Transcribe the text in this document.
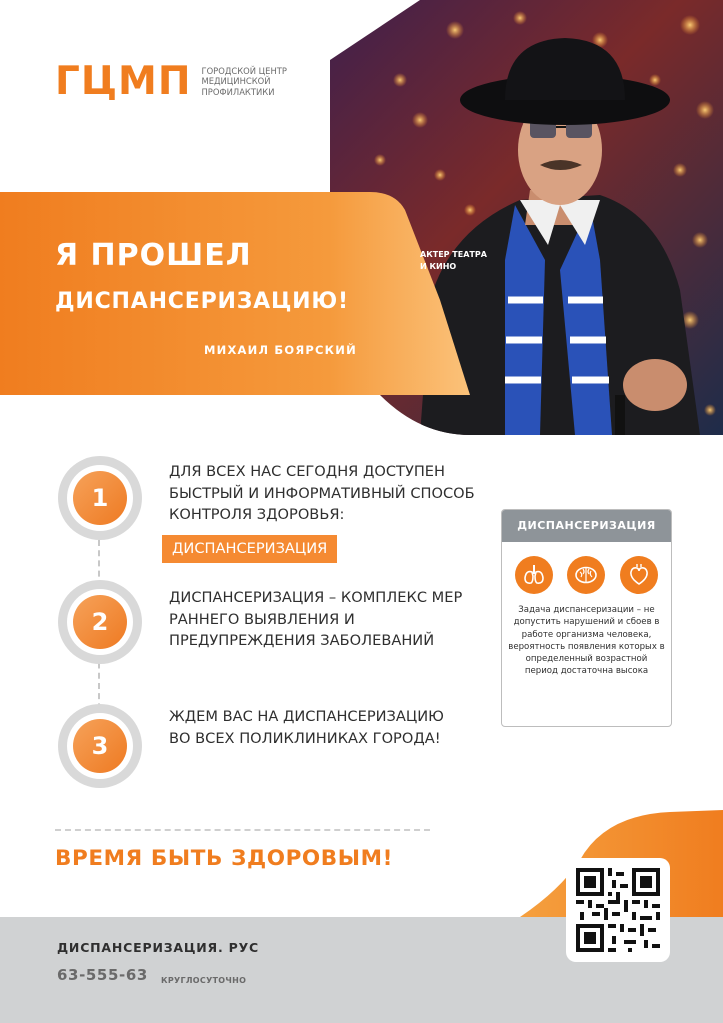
ГЦМП ГОРОДСКОЙ ЦЕНТР МЕДИЦИНСКОЙ ПРОФИЛАКТИКИ
Я ПРОШЕЛ
ДИСПАНСЕРИЗАЦИЮ!
МИХАИЛ БОЯРСКИЙ
АКТЕР ТЕАТРА И КИНО
1
ДЛЯ ВСЕХ НАС СЕГОДНЯ ДОСТУПЕН БЫСТРЫЙ И ИНФОРМАТИВНЫЙ СПОСОБ КОНТРОЛЯ ЗДОРОВЬЯ:
ДИСПАНСЕРИЗАЦИЯ
2
ДИСПАНСЕРИЗАЦИЯ – КОМПЛЕКС МЕР РАННЕГО ВЫЯВЛЕНИЯ И ПРЕДУПРЕЖДЕНИЯ ЗАБОЛЕВАНИЙ
3
ЖДЕМ ВАС НА ДИСПАНСЕРИЗАЦИЮ ВО ВСЕХ ПОЛИКЛИНИКАХ ГОРОДА!
ДИСПАНСЕРИЗАЦИЯ
Задача диспансеризации – не допустить нарушений и сбоев в работе организма человека, вероятность появления которых в определенный возрастной период достаточна высока
ВРЕМЯ БЫТЬ ЗДОРОВЫМ!
ДИСПАНСЕРИЗАЦИЯ. РУС
63-555-63 КРУГЛОСУТОЧНО
